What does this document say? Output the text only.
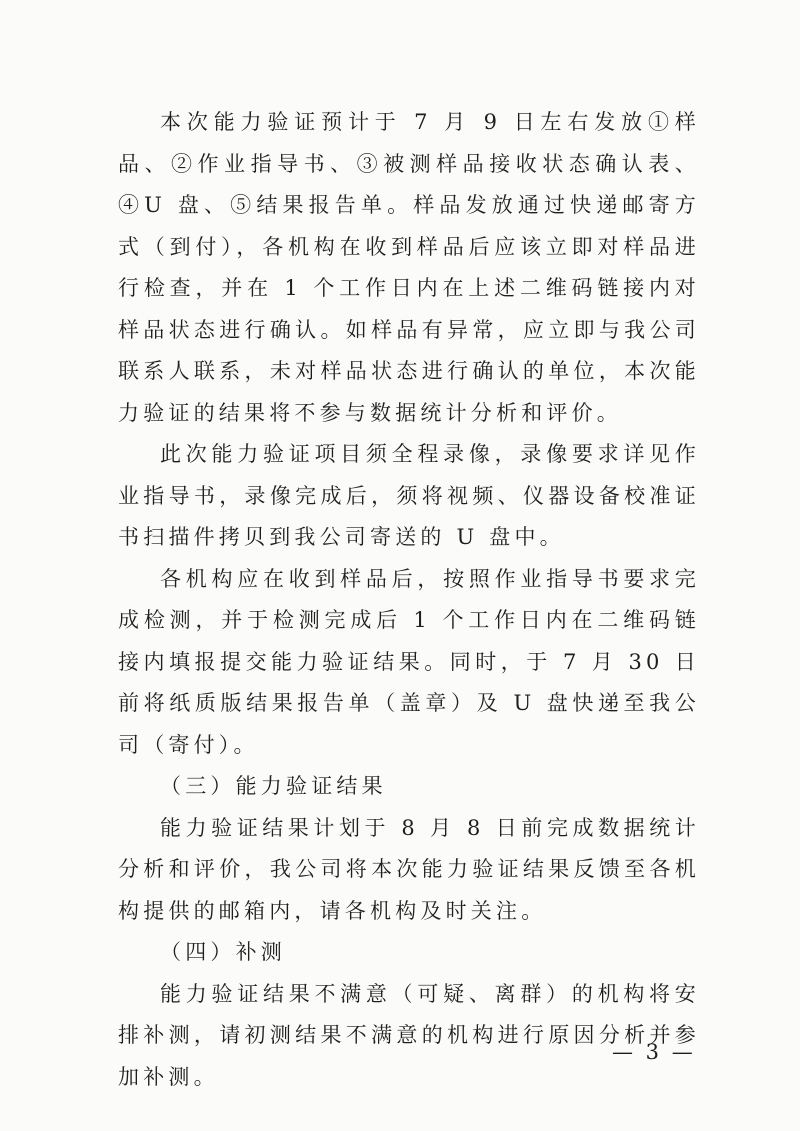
本次能力验证预计于 7 月 9 日左右发放①样品、②作业指导书、③被测样品接收状态确认表、④U 盘、⑤结果报告单。样品发放通过快递邮寄方式（到付），各机构在收到样品后应该立即对样品进行检查，并在 1 个工作日内在上述二维码链接内对样品状态进行确认。如样品有异常，应立即与我公司联系人联系，未对样品状态进行确认的单位，本次能力验证的结果将不参与数据统计分析和评价。

此次能力验证项目须全程录像，录像要求详见作业指导书，录像完成后，须将视频、仪器设备校准证书扫描件拷贝到我公司寄送的 U 盘中。

各机构应在收到样品后，按照作业指导书要求完成检测，并于检测完成后 1 个工作日内在二维码链接内填报提交能力验证结果。同时，于 7 月 30 日前将纸质版结果报告单（盖章）及 U 盘快递至我公司（寄付）。

（三）能力验证结果

能力验证结果计划于 8 月 8 日前完成数据统计分析和评价，我公司将本次能力验证结果反馈至各机构提供的邮箱内，请各机构及时关注。

（四）补测

能力验证结果不满意（可疑、离群）的机构将安排补测，请初测结果不满意的机构进行原因分析并参加补测。

— 3 —
